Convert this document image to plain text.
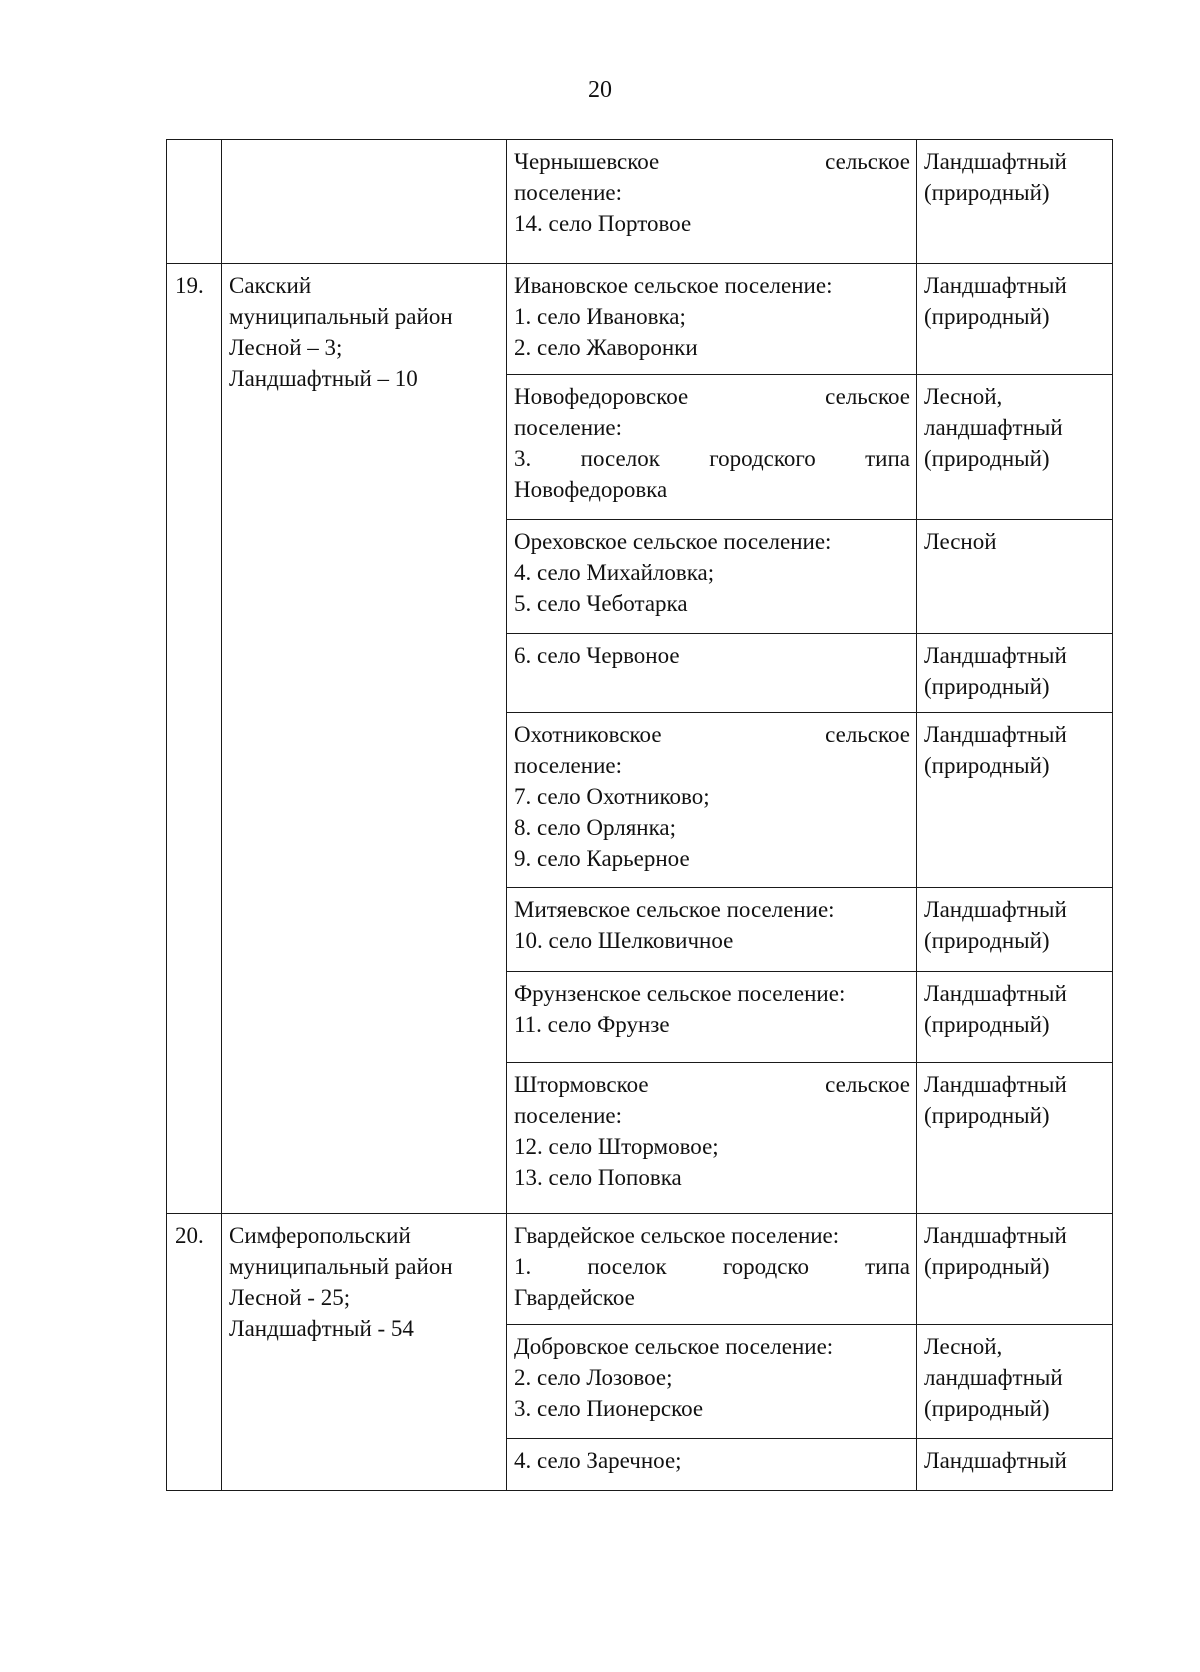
20

		Чернышевское сельское
поселение:
14. село Портовое	Ландшафтный
(природный)

19.	Сакский
муниципальный район
Лесной – 3;
Ландшафтный – 10	Ивановское сельское поселение:
1. село Ивановка;
2. село Жаворонки	Ландшафтный
(природный)

		Новофедоровское сельское
поселение:
3. поселок городского типа
Новофедоровка	Лесной,
ландшафтный
(природный)

		Ореховское сельское поселение:
4. село Михайловка;
5. село Чеботарка	Лесной

		6. село Червоное	Ландшафтный
(природный)

		Охотниковское сельское
поселение:
7. село Охотниково;
8. село Орлянка;
9. село Карьерное	Ландшафтный
(природный)

		Митяевское сельское поселение:
10. село Шелковичное	Ландшафтный
(природный)

		Фрунзенское сельское поселение:
11. село Фрунзе	Ландшафтный
(природный)

		Штормовское сельское
поселение:
12. село Штормовое;
13. село Поповка	Ландшафтный
(природный)

20.	Симферопольский
муниципальный район
Лесной - 25;
Ландшафтный - 54	Гвардейское сельское поселение:
1. поселок городско типа
Гвардейское	Ландшафтный
(природный)

		Добровское сельское поселение:
2. село Лозовое;
3. село Пионерское	Лесной,
ландшафтный
(природный)

		4. село Заречное;	Ландшафтный
